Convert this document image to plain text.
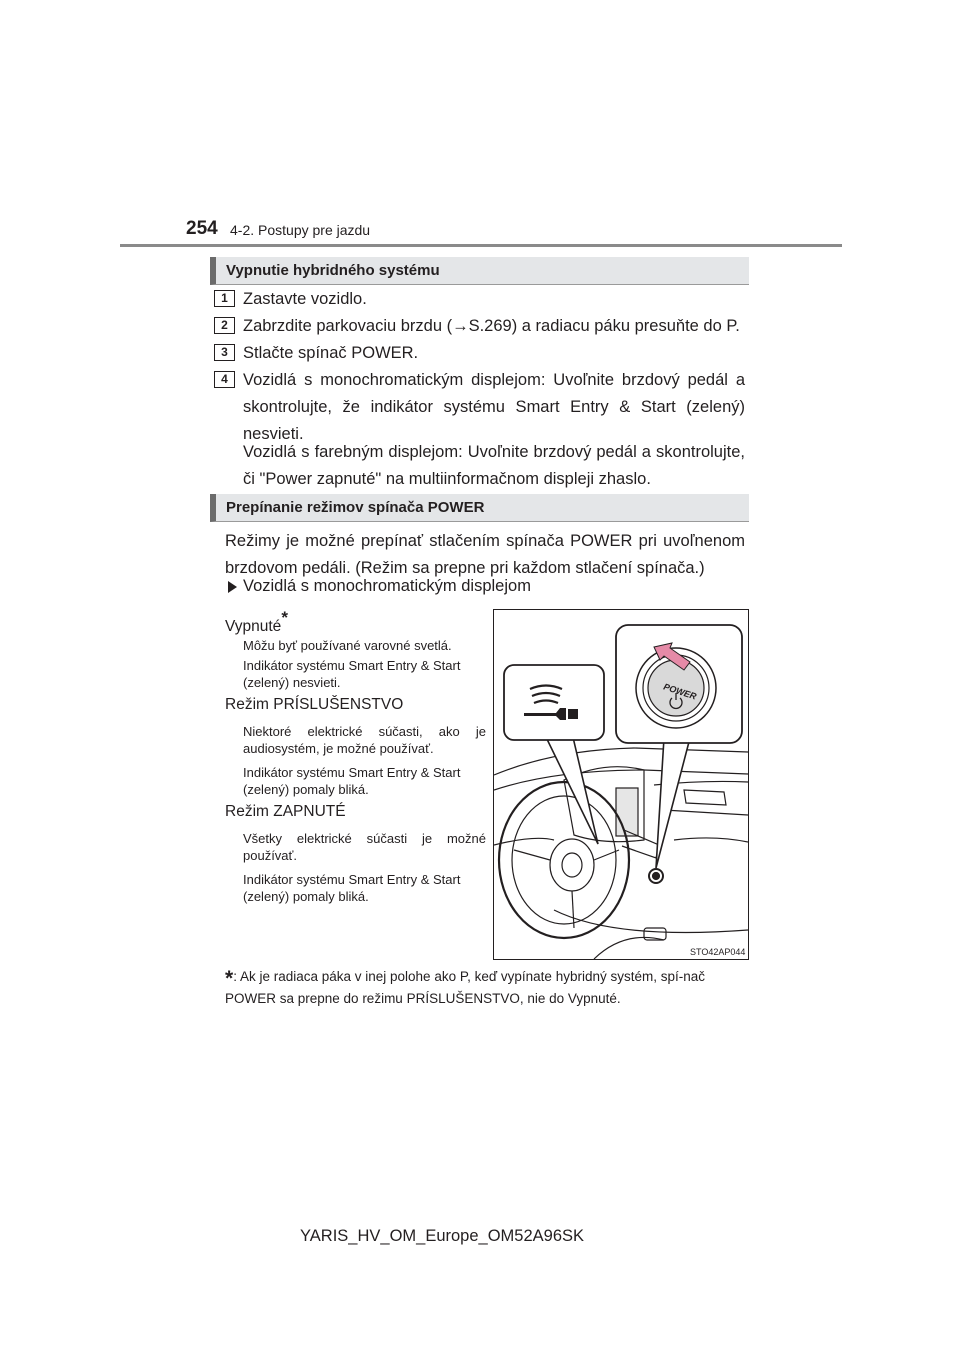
254 4-2. Postupy pre jazdu
Vypnutie hybridného systému
1 Zastavte vozidlo.
2 Zabrzdite parkovaciu brzdu (→S.269) a radiacu páku presuňte do P.
3 Stlačte spínač POWER.
4 Vozidlá s monochromatickým displejom: Uvoľnite brzdový pedál a skontrolujte, že indikátor systému Smart Entry & Start (zelený) nesvieti.
Vozidlá s farebným displejom: Uvoľnite brzdový pedál a skontrolujte, či "Power zapnuté" na multiinformačnom displeji zhaslo.
Prepínanie režimov spínača POWER
Režimy je možné prepínať stlačením spínača POWER pri uvoľnenom brzdovom pedáli. (Režim sa prepne pri každom stlačení spínača.)
Vozidlá s monochromatickým displejom
Vypnuté*
Môžu byť používané varovné svetlá.
Indikátor systému Smart Entry & Start (zelený) nesvieti.
Režim PRÍSLUŠENSTVO
Niektoré elektrické súčasti, ako je audiosystém, je možné používať.
Indikátor systému Smart Entry & Start (zelený) pomaly bliká.
Režim ZAPNUTÉ
Všetky elektrické súčasti je možné používať.
Indikátor systému Smart Entry & Start (zelený) pomaly bliká.
POWER
STO42AP044
*: Ak je radiaca páka v inej polohe ako P, keď vypínate hybridný systém, spí-nač POWER sa prepne do režimu PRÍSLUŠENSTVO, nie do Vypnuté.
YARIS_HV_OM_Europe_OM52A96SK
